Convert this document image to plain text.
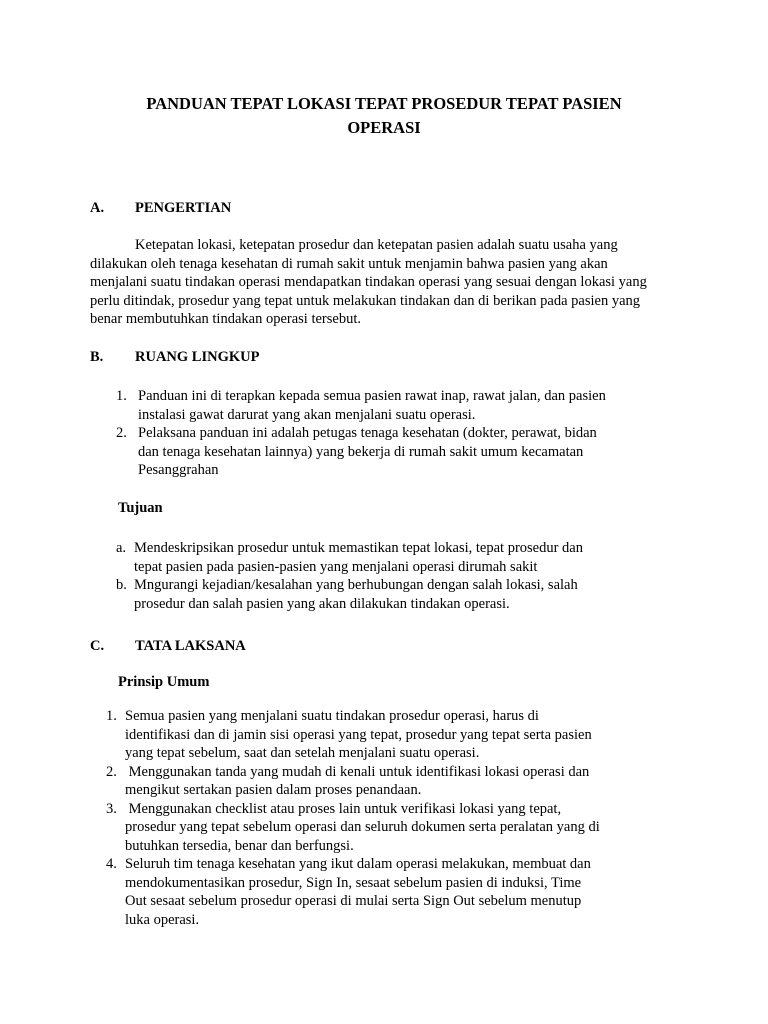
PANDUAN TEPAT LOKASI TEPAT PROSEDUR TEPAT PASIEN
OPERASI
A. PENGERTIAN
Ketepatan lokasi, ketepatan prosedur dan ketepatan pasien adalah suatu usaha yang
dilakukan oleh tenaga kesehatan di rumah sakit untuk menjamin bahwa pasien yang akan
menjalani suatu tindakan operasi mendapatkan tindakan operasi yang sesuai dengan lokasi yang
perlu ditindak, prosedur yang tepat untuk melakukan tindakan dan di berikan pada pasien yang
benar membutuhkan tindakan operasi tersebut.
B. RUANG LINGKUP
1. Panduan ini di terapkan kepada semua pasien rawat inap, rawat jalan, dan pasien
instalasi gawat darurat yang akan menjalani suatu operasi.
2. Pelaksana panduan ini adalah petugas tenaga kesehatan (dokter, perawat, bidan
dan tenaga kesehatan lainnya) yang bekerja di rumah sakit umum kecamatan
Pesanggrahan
Tujuan
a. Mendeskripsikan prosedur untuk memastikan tepat lokasi, tepat prosedur dan
tepat pasien pada pasien-pasien yang menjalani operasi dirumah sakit
b. Mngurangi kejadian/kesalahan yang berhubungan dengan salah lokasi, salah
prosedur dan salah pasien yang akan dilakukan tindakan operasi.
C. TATA LAKSANA
Prinsip Umum
1. Semua pasien yang menjalani suatu tindakan prosedur operasi, harus di
identifikasi dan di jamin sisi operasi yang tepat, prosedur yang tepat serta pasien
yang tepat sebelum, saat dan setelah menjalani suatu operasi.
2. Menggunakan tanda yang mudah di kenali untuk identifikasi lokasi operasi dan
mengikut sertakan pasien dalam proses penandaan.
3. Menggunakan checklist atau proses lain untuk verifikasi lokasi yang tepat,
prosedur yang tepat sebelum operasi dan seluruh dokumen serta peralatan yang di
butuhkan tersedia, benar dan berfungsi.
4. Seluruh tim tenaga kesehatan yang ikut dalam operasi melakukan, membuat dan
mendokumentasikan prosedur, Sign In, sesaat sebelum pasien di induksi, Time
Out sesaat sebelum prosedur operasi di mulai serta Sign Out sebelum menutup
luka operasi.
